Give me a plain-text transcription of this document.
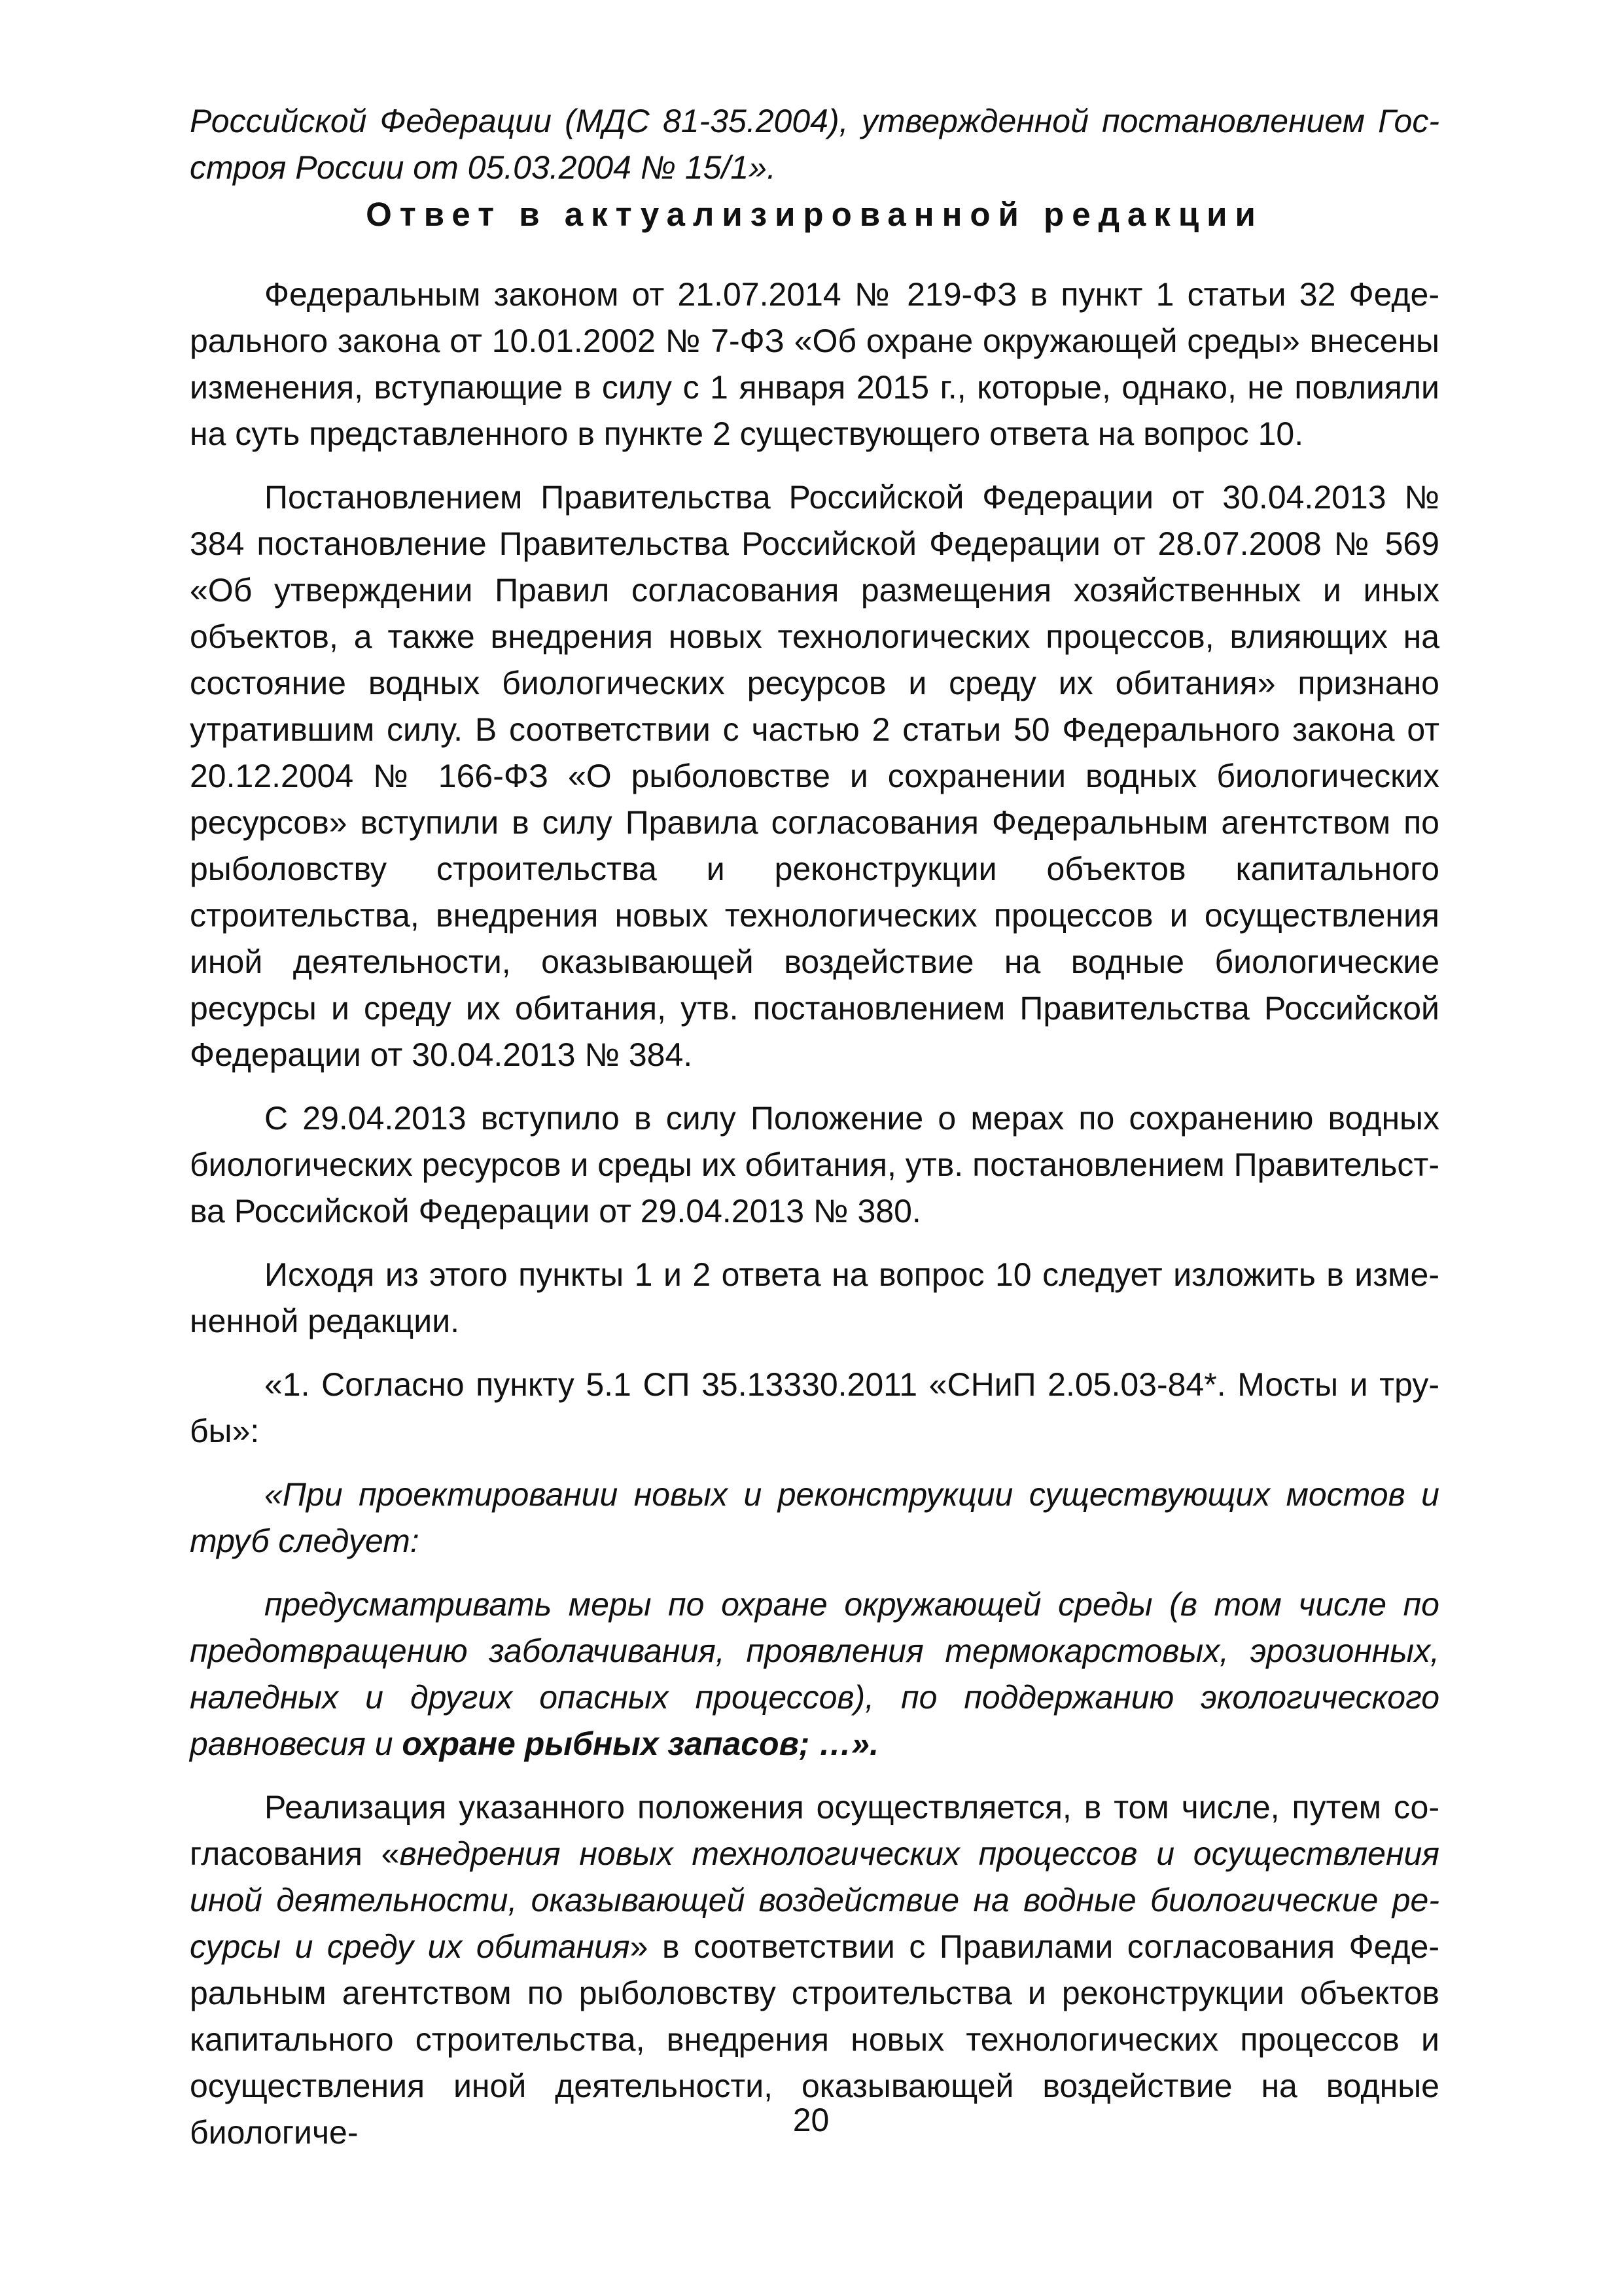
Российской Федерации (МДС 81-35.2004), утвержденной постановлением Госстроя России от 05.03.2004 № 15/1».

Ответ в актуализированной редакции

Федеральным законом от 21.07.2014 № 219-ФЗ в пункт 1 статьи 32 Федерального закона от 10.01.2002 № 7-ФЗ «Об охране окружающей среды» внесены изменения, вступающие в силу с 1 января 2015 г., которые, однако, не повлияли на суть представленного в пункте 2 существующего ответа на вопрос 10.

Постановлением Правительства Российской Федерации от 30.04.2013 № 384 постановление Правительства Российской Федерации от 28.07.2008 № 569 «Об утверждении Правил согласования размещения хозяйственных и иных объектов, а также внедрения новых технологических процессов, влияющих на состояние водных биологических ресурсов и среду их обитания» признано утратившим силу. В соответствии с частью 2 статьи 50 Федерального закона от 20.12.2004 № 166-ФЗ «О рыболовстве и сохранении водных биологических ресурсов» вступили в силу Правила согласования Федеральным агентством по рыболовству строительства и реконструкции объектов капитального строительства, внедрения новых технологических процессов и осуществления иной деятельности, оказывающей воздействие на водные биологические ресурсы и среду их обитания, утв. постановлением Правительства Российской Федерации от 30.04.2013 № 384.

С 29.04.2013 вступило в силу Положение о мерах по сохранению водных биологических ресурсов и среды их обитания, утв. постановлением Правительства Российской Федерации от 29.04.2013 № 380.

Исходя из этого пункты 1 и 2 ответа на вопрос 10 следует изложить в измененной редакции.

«1. Согласно пункту 5.1 СП 35.13330.2011 «СНиП 2.05.03-84*. Мосты и трубы»:

«При проектировании новых и реконструкции существующих мостов и труб следует:

предусматривать меры по охране окружающей среды (в том числе по предотвращению заболачивания, проявления термокарстовых, эрозионных, наледных и других опасных процессов), по поддержанию экологического равновесия и охране рыбных запасов; …».

Реализация указанного положения осуществляется, в том числе, путем согласования «внедрения новых технологических процессов и осуществления иной деятельности, оказывающей воздействие на водные биологические ресурсы и среду их обитания» в соответствии с Правилами согласования Федеральным агентством по рыболовству строительства и реконструкции объектов капитального строительства, внедрения новых технологических процессов и осуществления иной деятельности, оказывающей воздействие на водные биологиче-	20
